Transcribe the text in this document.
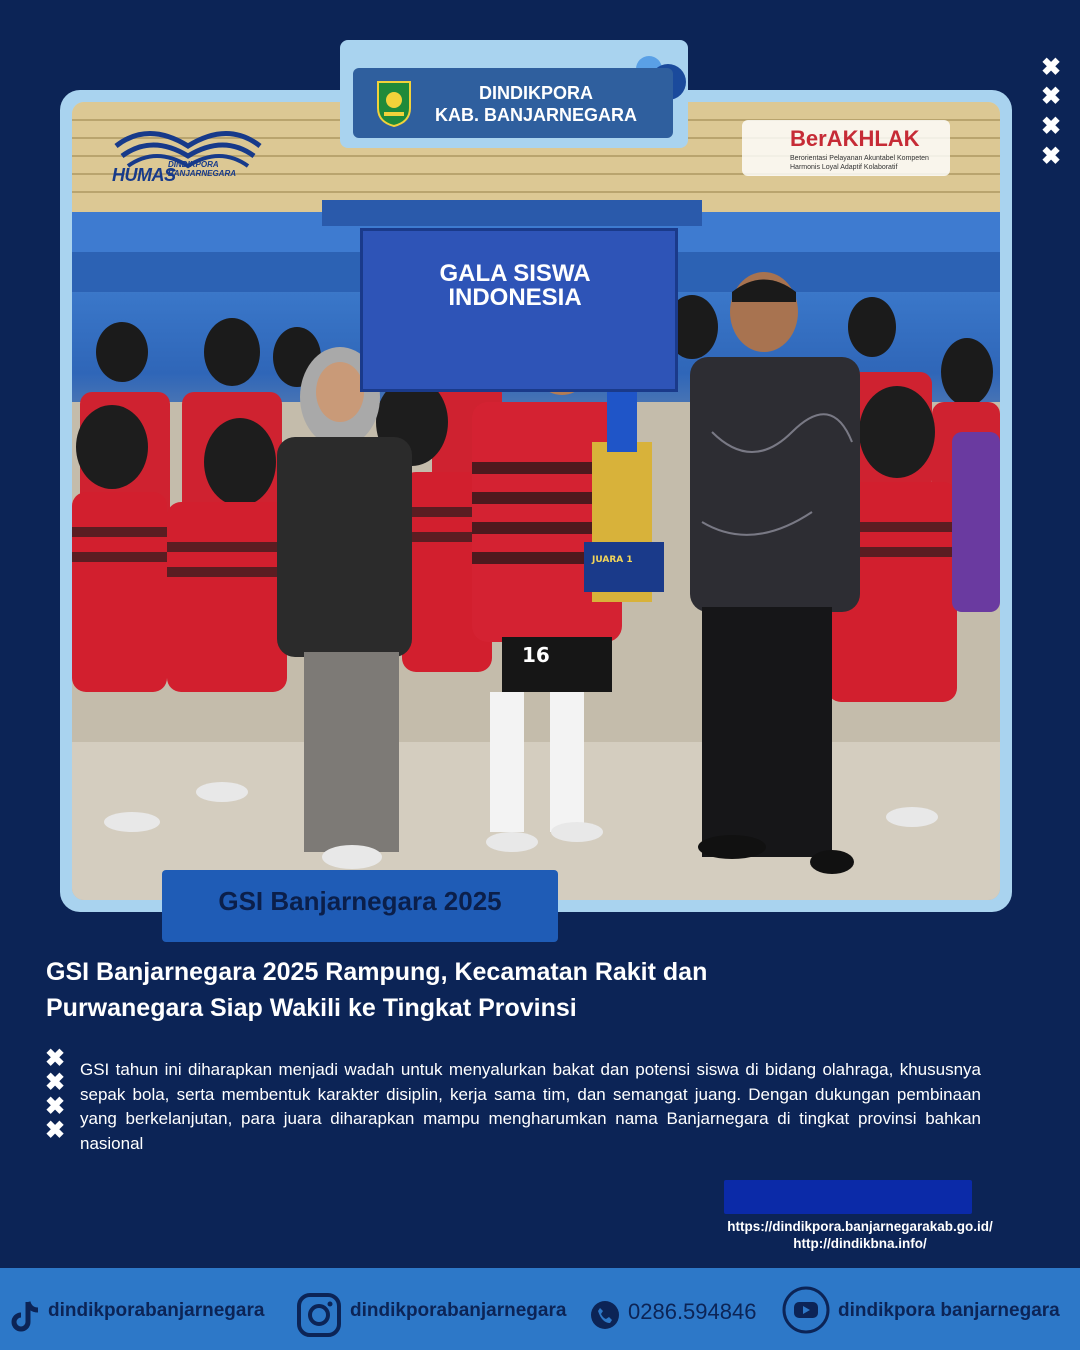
16
JUARA 1
GALA SISWA
INDONESIA
HUMAS
DINDIKPORA
BANJARNEGARA
BerAKHLAK
Berorientasi Pelayanan Akuntabel Kompeten
Harmonis Loyal Adaptif Kolaboratif
DINDIKPORA
KAB. BANJARNEGARA
✖
✖
✖
✖
GSI Banjarnegara 2025
GSI Banjarnegara 2025 Rampung, Kecamatan Rakit dan
Purwanegara Siap Wakili ke Tingkat Provinsi
✖
✖
✖
✖
GSI tahun ini diharapkan menjadi wadah untuk menyalurkan bakat dan potensi siswa di bidang olahraga, khususnya sepak bola, serta membentuk karakter disiplin, kerja sama tim, dan semangat juang. Dengan dukungan pembinaan yang berkelanjutan, para juara diharapkan mampu mengharumkan nama Banjarnegara di tingkat provinsi bahkan nasional
https://dindikpora.banjarnegarakab.go.id/
http://dindikbna.info/
dindikporabanjarnegara	dindikporabanjarnegara	0286.594846	dindikpora banjarnegara
